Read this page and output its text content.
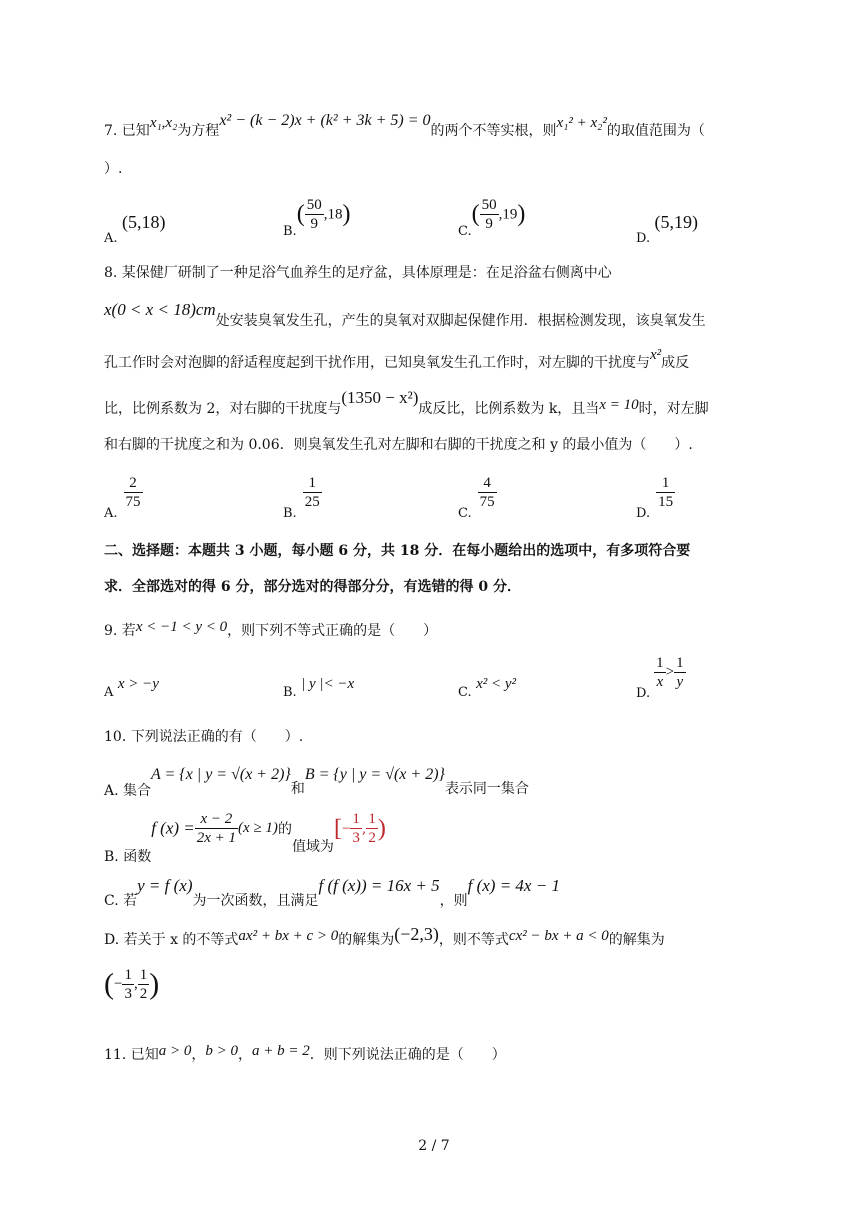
7. 已知x₁,x₂为方程x² − (k − 2)x + (k² + 3k + 5) = 0的两个不等实根，则x₁² + x₂²的取值范围为（
）.
A. (5,18)	$B.( \frac{50}{9} ,18)$
$C.( \frac{50}{9} ,19)$
D. (5,19)
8. 某保健厂研制了一种足浴气血养生的足疗盆，具体原理是：在足浴盆右侧离中心
x(0 < x < 18)cm处安装臭氧发生孔，产生的臭氧对双脚起保健作用．根据检测发现，该臭氧发生
孔工作时会对泡脚的舒适程度起到干扰作用，已知臭氧发生孔工作时，对左脚的干扰度与x²成反
比，比例系数为 2，对右脚的干扰度与(1350 − x²)成反比，比例系数为 k，且当x = 10时，对左脚
和右脚的干扰度之和为 0.06．则臭氧发生孔对左脚和右脚的干扰度之和 y 的最小值为（　　）.
A.
$\frac{2}{75}$
B.
$\frac{1}{25}$
C.
$\frac{4}{75}$
D.
$\frac{1}{15}$
二、选择题：本题共 3 小题，每小题 6 分，共 18 分．在每小题给出的选项中，有多项符合要
求．全部选对的得 6 分，部分选对的得部分分，有选错的得 0 分．
9. 若x < −1 < y < 0，则下列不等式正确的是（　　）
A x > −y
B. | y |< −x
C. x² < y²
D.
$\frac{1}{x} > \frac{1}{y}$
10. 下列说法正确的有（　　）.
A. 集合A = {x | y = √(x + 2)}和B = {y | y = √(x + 2)}表示同一集合
B. 函数f $(x) = \frac{x - 2}{2x + 1} (x \ge 1)$的值域为[− $\frac{1}{3}$ , $\frac{1}{2}$ )
C. 若y = f (x)为一次函数，且满足f (f (x)) = 16x + 5，则f (x) = 4x − 1
D. 若关于 x 的不等式ax² + bx + c > 0的解集为(−2,3)，则不等式cx² − bx + a < 0的解集为
(− $\frac{1}{3}$ , $\frac{1}{2}$ )
11. 已知a > 0，b > 0，a + b = 2．则下列说法正确的是（　　）
2 / 7
